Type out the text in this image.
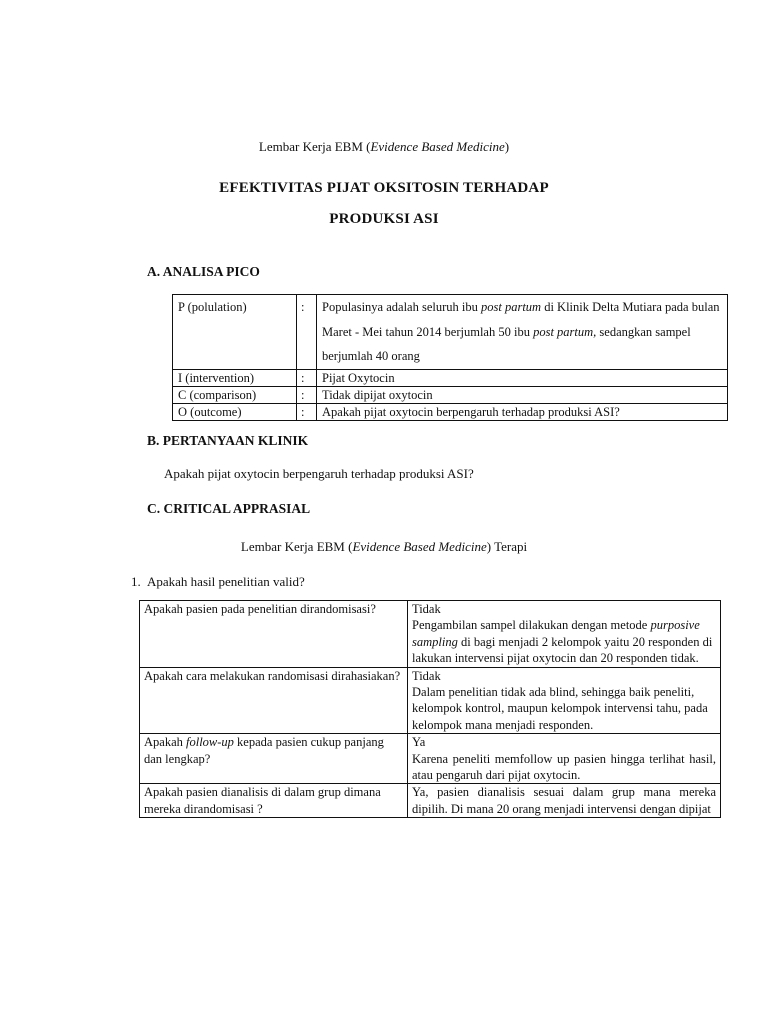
Lembar Kerja EBM (Evidence Based Medicine)
EFEKTIVITAS PIJAT OKSITOSIN TERHADAP
PRODUKSI ASI
A. ANALISA PICO
P (polulation)	:	Populasinya adalah seluruh ibu post partum di Klinik Delta Mutiara pada bulan Maret - Mei tahun 2014 berjumlah 50 ibu post partum, sedangkan sampel berjumlah 40 orang
I (intervention)	:	Pijat Oxytocin
C (comparison)	:	Tidak dipijat oxytocin
O (outcome)	:	Apakah pijat oxytocin berpengaruh terhadap produksi ASI?
B. PERTANYAAN KLINIK
Apakah pijat oxytocin berpengaruh terhadap produksi ASI?
C. CRITICAL APPRASIAL
Lembar Kerja EBM (Evidence Based Medicine) Terapi
1. Apakah hasil penelitian valid?
Apakah pasien pada penelitian dirandomisasi?	Tidak
Pengambilan sampel dilakukan dengan metode purposive sampling di bagi menjadi 2 kelompok yaitu 20 responden di lakukan intervensi pijat oxytocin dan 20 responden tidak.

Apakah cara melakukan randomisasi dirahasiakan?	Tidak
Dalam penelitian tidak ada blind, sehingga baik peneliti, kelompok kontrol, maupun kelompok intervensi tahu, pada kelompok mana menjadi responden.

Apakah follow-up kepada pasien cukup panjang dan lengkap?	Ya
Karena peneliti memfollow up pasien hingga terlihat hasil, atau pengaruh dari pijat oxytocin.

Apakah pasien dianalisis di dalam grup dimana mereka dirandomisasi ?	Ya, pasien dianalisis sesuai dalam grup mana mereka dipilih. Di mana 20 orang menjadi intervensi dengan dipijat
